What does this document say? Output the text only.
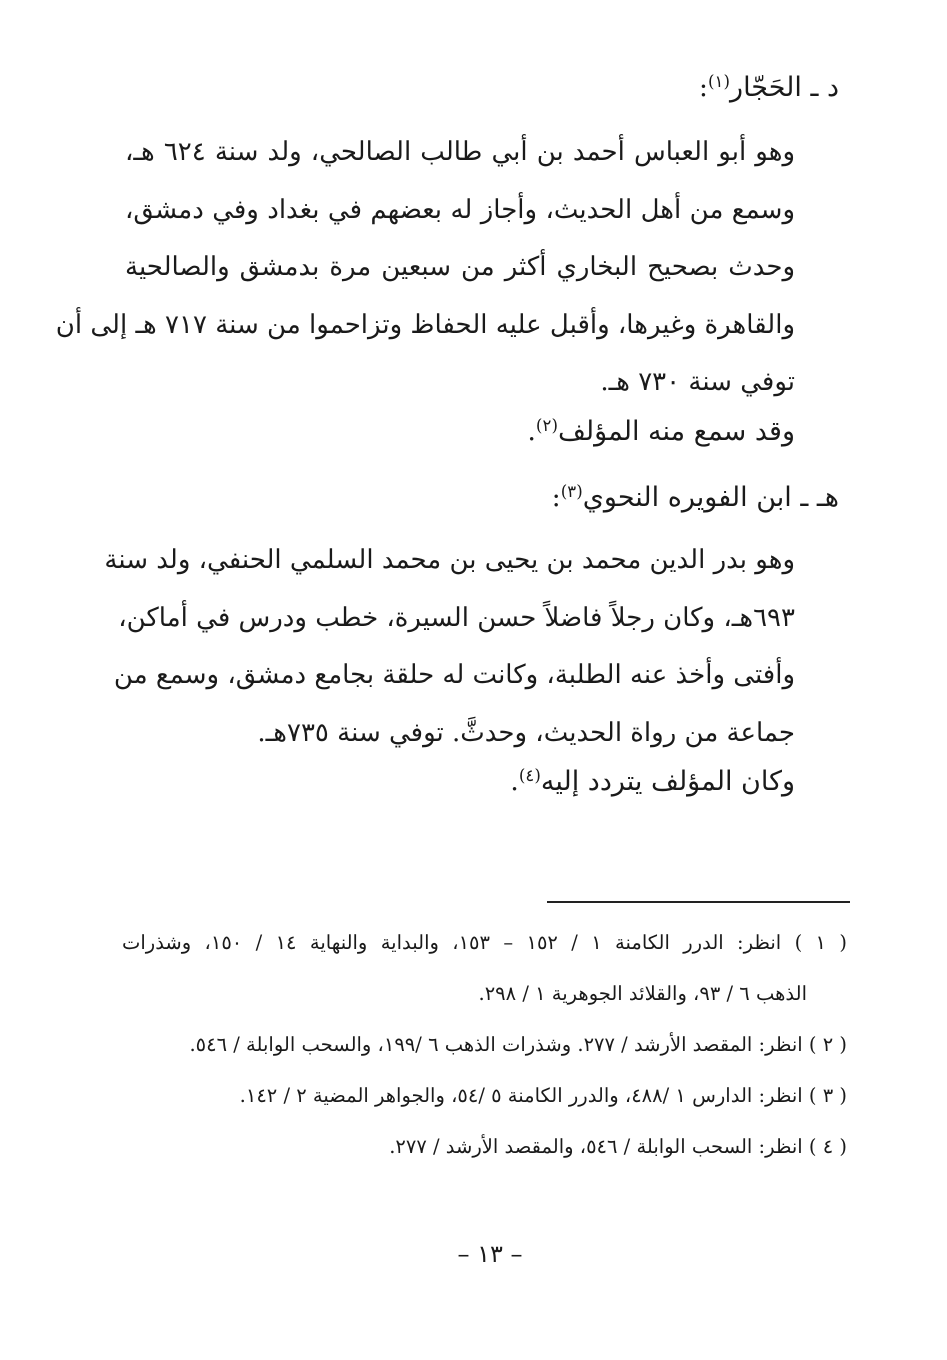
د ـ الحَجّار$^{(١)}$:
وهو أبو العباس أحمد بن أبي طالب الصالحي، ولد سنة ٦٢٤ هـ،
وسمع من أهل الحديث، وأجاز له بعضهم في بغداد وفي دمشق،
وحدث بصحيح البخاري أكثر من سبعين مرة بدمشق والصالحية
والقاهرة وغيرها، وأقبل عليه الحفاظ وتزاحموا من سنة ٧١٧ هـ إلى أن
توفي سنة ٧٣٠ هـ.
وقد سمع منه المؤلف$^{(٢)}$.
هـ ـ ابن الفويره النحوي$^{(٣)}$:
وهو بدر الدين محمد بن يحيى بن محمد السلمي الحنفي، ولد سنة
٦٩٣هـ، وكان رجلاً فاضلاً حسن السيرة، خطب ودرس في أماكن،
وأفتى وأخذ عنه الطلبة، وكانت له حلقة بجامع دمشق، وسمع من
جماعة من رواة الحديث، وحدثَّ. توفي سنة ٧٣٥هـ.
وكان المؤلف يتردد إليه$^{(٤)}$.
( ١ ) انظر: الدرر الكامنة ١ / ١٥٢ – ١٥٣، والبداية والنهاية ١٤ / ١٥٠، وشذرات
الذهب ٦ / ٩٣، والقلائد الجوهرية ١ / ٢٩٨.
( ٢ ) انظر: المقصد الأرشد / ٢٧٧. وشذرات الذهب ٦ /١٩٩، والسحب الوابلة / ٥٤٦.
( ٣ ) انظر: الدارس ١ /٤٨٨، والدرر الكامنة ٥ /٥٤، والجواهر المضية ٢ / ١٤٢.
( ٤ ) انظر: السحب الوابلة / ٥٤٦، والمقصد الأرشد / ٢٧٧.
– ١٣ –
